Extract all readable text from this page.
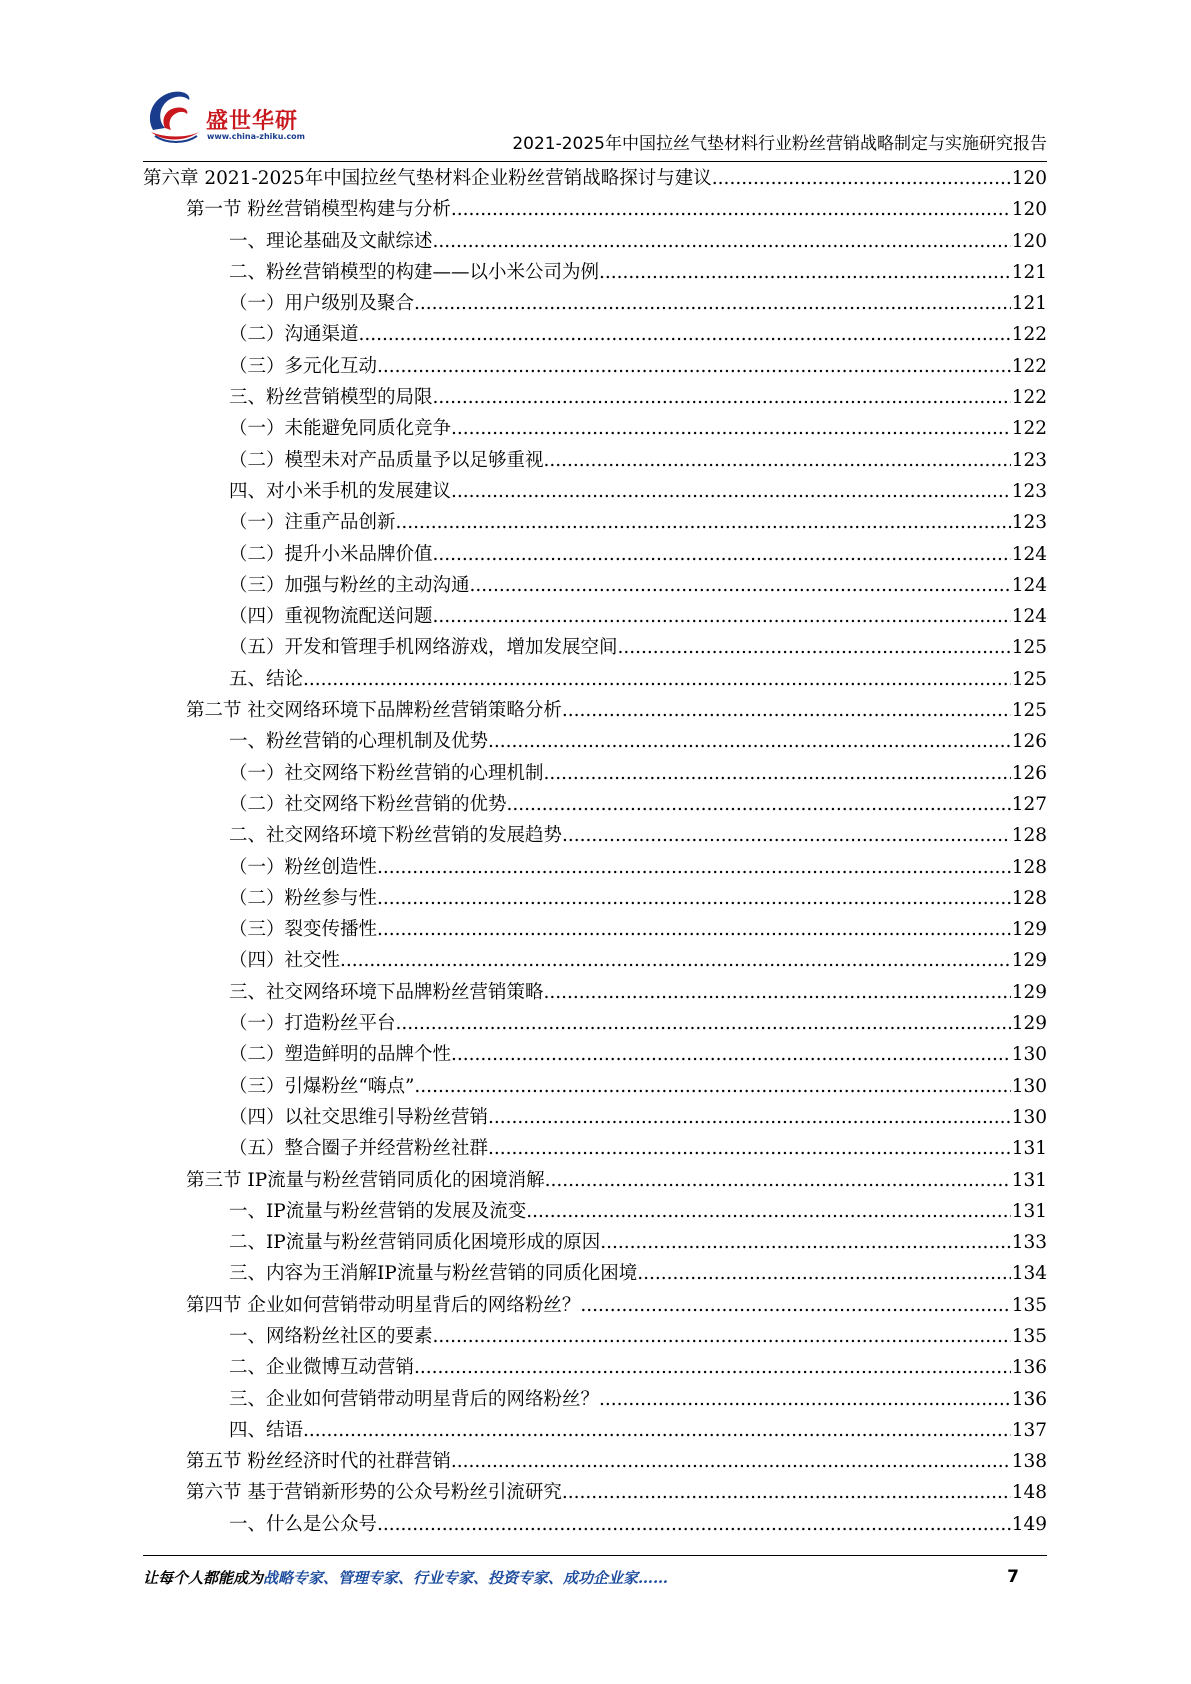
盛世华研
www.china-zhiku.com	2021-2025年中国拉丝气垫材料行业粉丝营销战略制定与实施研究报告
第六章 2021-2025年中国拉丝气垫材料企业粉丝营销战略探讨与建议 .....	120
第一节 粉丝营销模型构建与分析 .....	120
一、理论基础及文献综述 .....	120
二、粉丝营销模型的构建——以小米公司为例 .....	121
（一）用户级别及聚合 .....	121
（二）沟通渠道 .....	122
（三）多元化互动 .....	122
三、粉丝营销模型的局限 .....	122
（一）未能避免同质化竞争 .....	122
（二）模型未对产品质量予以足够重视 .....	123
四、对小米手机的发展建议 .....	123
（一）注重产品创新 .....	123
（二）提升小米品牌价值 .....	124
（三）加强与粉丝的主动沟通 .....	124
（四）重视物流配送问题 .....	124
（五）开发和管理手机网络游戏，增加发展空间 .....	125
五、结论 .....	125
第二节 社交网络环境下品牌粉丝营销策略分析 .....	125
一、粉丝营销的心理机制及优势 .....	126
（一）社交网络下粉丝营销的心理机制 .....	126
（二）社交网络下粉丝营销的优势 .....	127
二、社交网络环境下粉丝营销的发展趋势 .....	128
（一）粉丝创造性 .....	128
（二）粉丝参与性 .....	128
（三）裂变传播性 .....	129
（四）社交性 .....	129
三、社交网络环境下品牌粉丝营销策略 .....	129
（一）打造粉丝平台 .....	129
（二）塑造鲜明的品牌个性 .....	130
（三）引爆粉丝“嗨点” .....	130
（四）以社交思维引导粉丝营销 .....	130
（五）整合圈子并经营粉丝社群 .....	131
第三节 IP流量与粉丝营销同质化的困境消解 .....	131
一、IP流量与粉丝营销的发展及流变 .....	131
二、IP流量与粉丝营销同质化困境形成的原因 .....	133
三、内容为王消解IP流量与粉丝营销的同质化困境 .....	134
第四节 企业如何营销带动明星背后的网络粉丝？ .....	135
一、网络粉丝社区的要素 .....	135
二、企业微博互动营销 .....	136
三、企业如何营销带动明星背后的网络粉丝？ .....	136
四、结语 .....	137
第五节 粉丝经济时代的社群营销 .....	138
第六节 基于营销新形势的公众号粉丝引流研究 .....	148
一、什么是公众号 .....	149
让每个人都能成为战略专家、管理专家、行业专家、投资专家、成功企业家……	7
